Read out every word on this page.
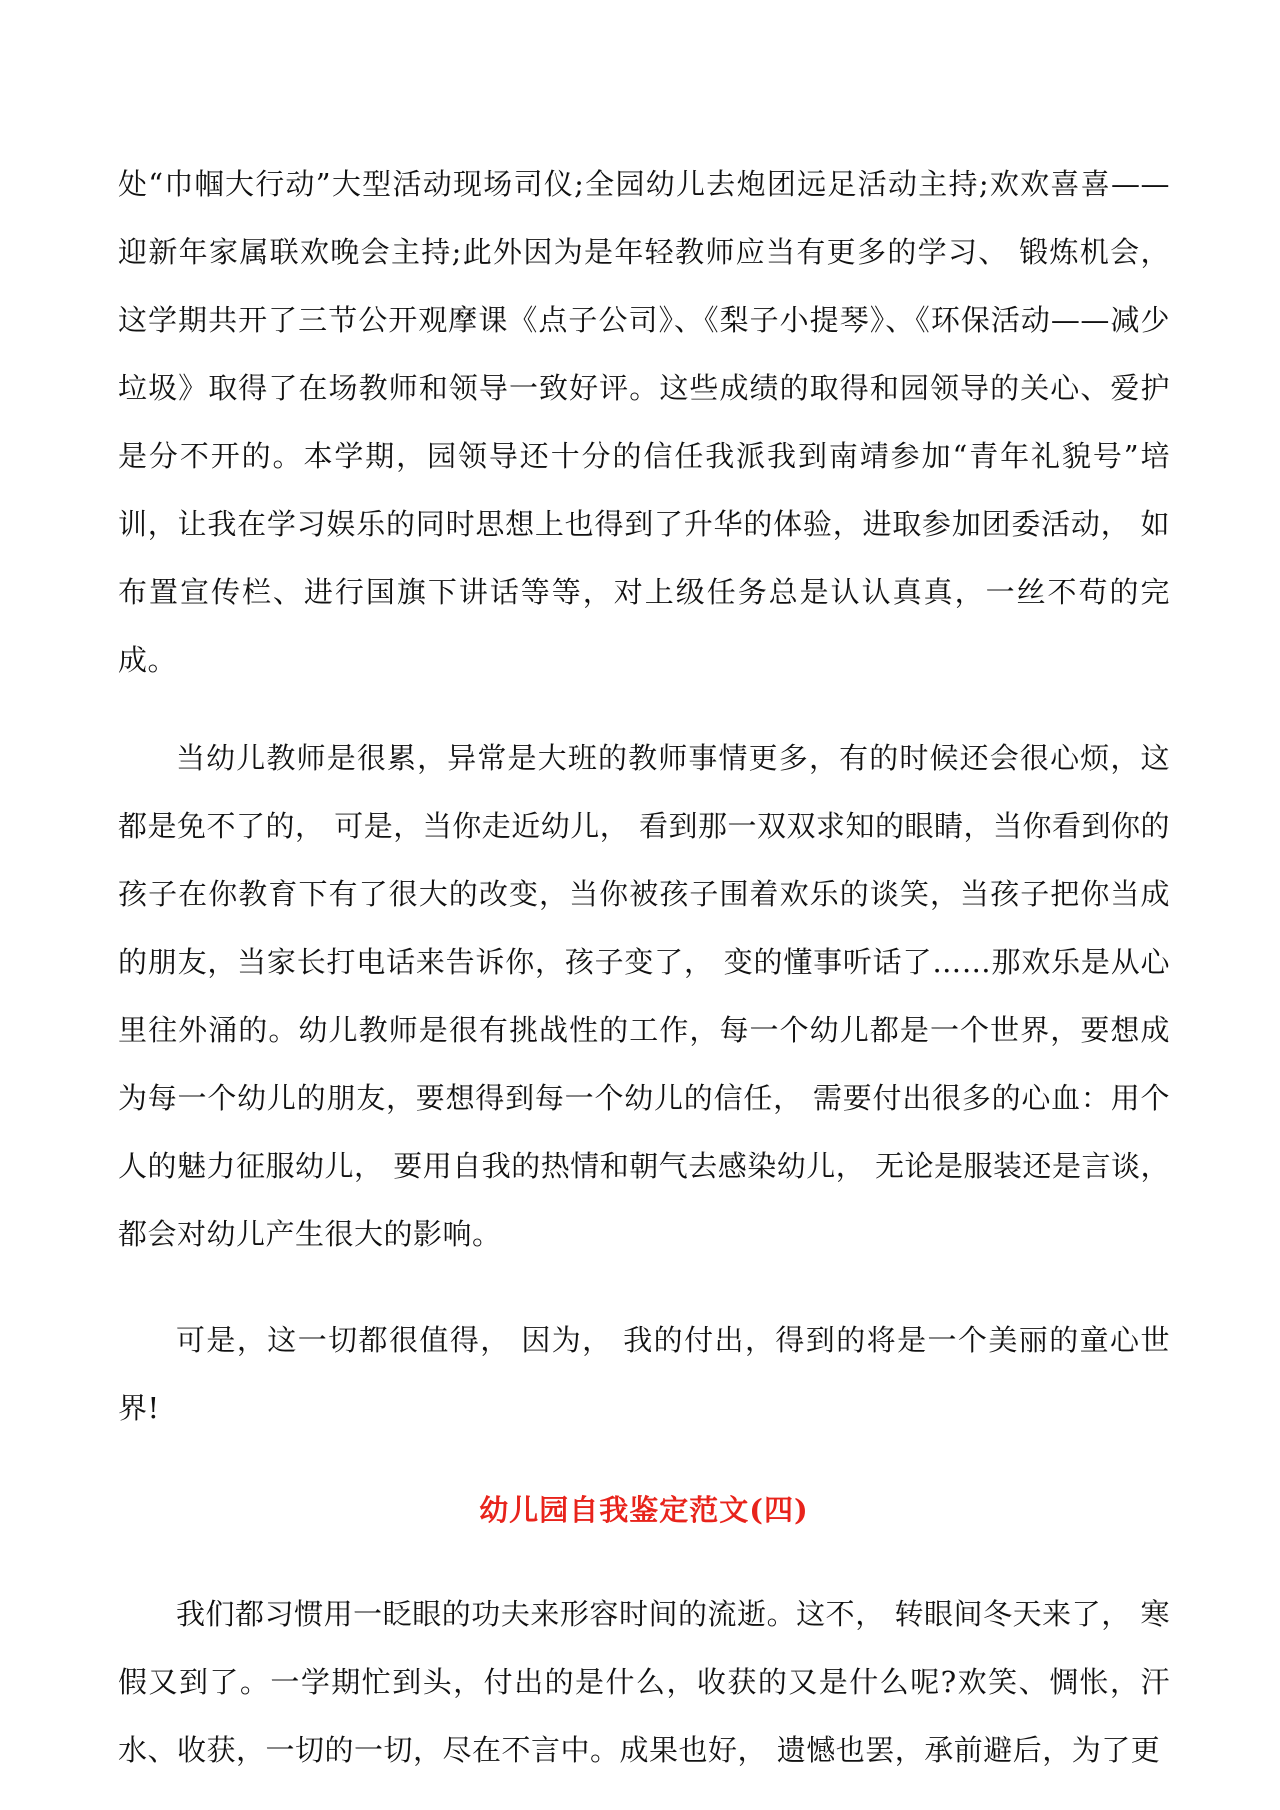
处“巾帼大行动”大型活动现场司仪;全园幼儿去炮团远足活动主持;欢欢喜喜——迎新年家属联欢晚会主持;此外因为是年轻教师应当有更多的学习、 锻炼机会，这学期共开了三节公开观摩课《点子公司》、《梨子小提琴》、《环保活动——减少垃圾》取得了在场教师和领导一致好评。这些成绩的取得和园领导的关心、爱护是分不开的。本学期，园领导还十分的信任我派我到南靖参加“青年礼貌号”培训，让我在学习娱乐的同时思想上也得到了升华的体验，进取参加团委活动， 如布置宣传栏、进行国旗下讲话等等，对上级任务总是认认真真，一丝不苟的完成。

当幼儿教师是很累，异常是大班的教师事情更多，有的时候还会很心烦，这都是免不了的， 可是，当你走近幼儿， 看到那一双双求知的眼睛，当你看到你的孩子在你教育下有了很大的改变，当你被孩子围着欢乐的谈笑，当孩子把你当成的朋友，当家长打电话来告诉你，孩子变了， 变的懂事听话了……那欢乐是从心里往外涌的。幼儿教师是很有挑战性的工作，每一个幼儿都是一个世界，要想成为每一个幼儿的朋友，要想得到每一个幼儿的信任， 需要付出很多的心血：用个人的魅力征服幼儿， 要用自我的热情和朝气去感染幼儿， 无论是服装还是言谈，都会对幼儿产生很大的影响。

可是，这一切都很值得， 因为， 我的付出，得到的将是一个美丽的童心世界!

幼儿园自我鉴定范文(四)

我们都习惯用一眨眼的功夫来形容时间的流逝。这不， 转眼间冬天来了， 寒假又到了。一学期忙到头，付出的是什么，收获的又是什么呢?欢笑、惆怅，汗水、收获，一切的一切，尽在不言中。成果也好， 遗憾也罢，承前避后，为了更
